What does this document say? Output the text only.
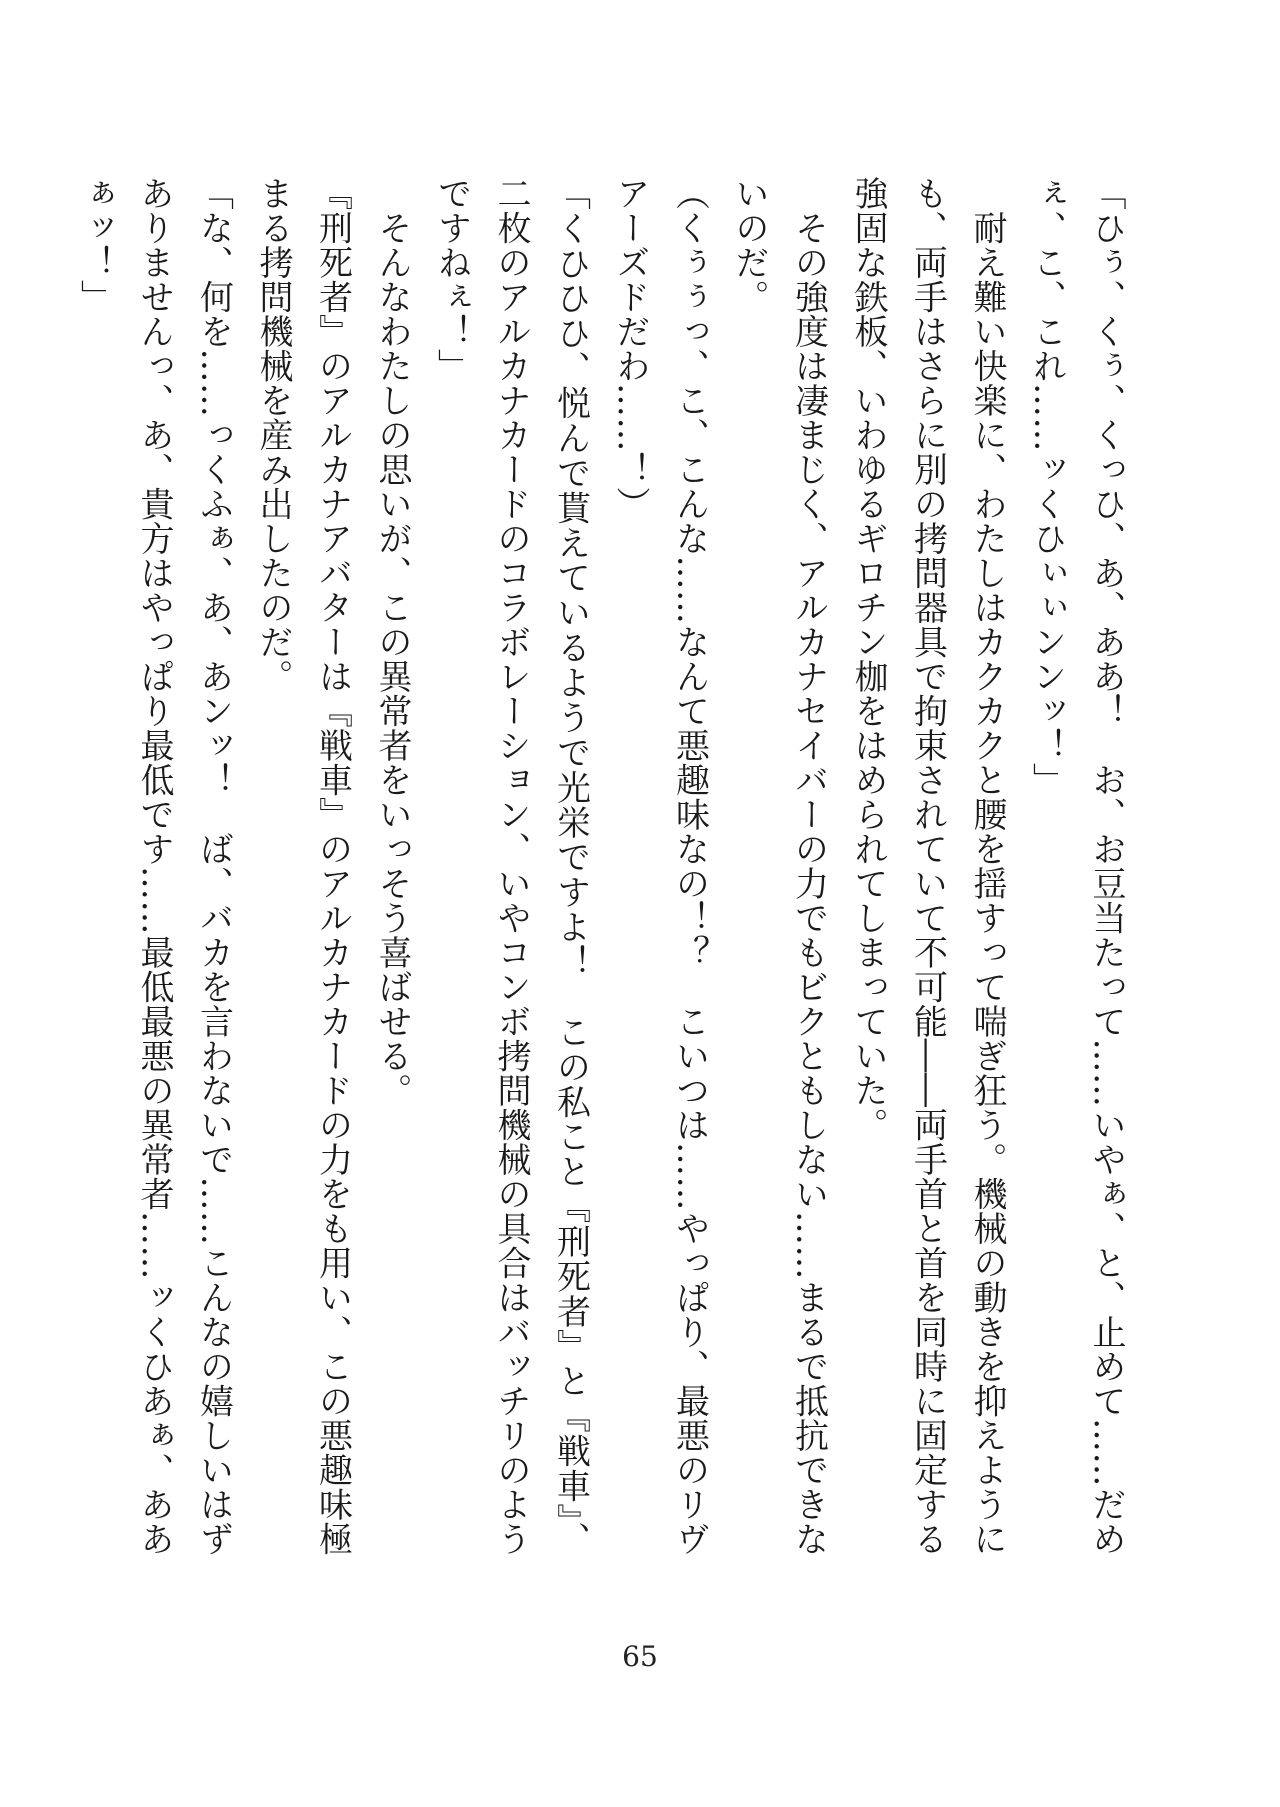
「ひぅ、くぅ、くっひ、あ、ああ！　お、お豆当たって……いやぁ、と、止めて……だめぇ、こ、これ……ッくひぃぃンンッ！」

　耐え難い快楽に、わたしはカクカクと腰を揺すって喘ぎ狂う。機械の動きを抑えようにも、両手はさらに別の拷問器具で拘束されていて不可能――両手首と首を同時に固定する強固な鉄板、いわゆるギロチン枷をはめられてしまっていた。

　その強度は凄まじく、アルカナセイバーの力でもビクともしない……まるで抵抗できないのだ。

（くぅぅっ、こ、こんな……なんて悪趣味なの！？　こいつは……やっぱり、最悪のリヴアーズドだわ……！）

「くひひひ、悦んで貰えているようで光栄ですよ！　この私こと『刑死者』と『戦車』、二枚のアルカナカードのコラボレーション、いやコンボ拷問機械の具合はバッチリのようですねぇ！」

　そんなわたしの思いが、この異常者をいっそう喜ばせる。

『刑死者』のアルカナアバターは『戦車』のアルカナカードの力をも用い、この悪趣味極まる拷問機械を産み出したのだ。

「な、何を……っくふぁ、あ、あンッ！　ば、バカを言わないで……こんなの嬉しいはずありませんっ、あ、貴方はやっぱり最低です……最低最悪の異常者……ッくひあぁ、ああぁッ！」

65
